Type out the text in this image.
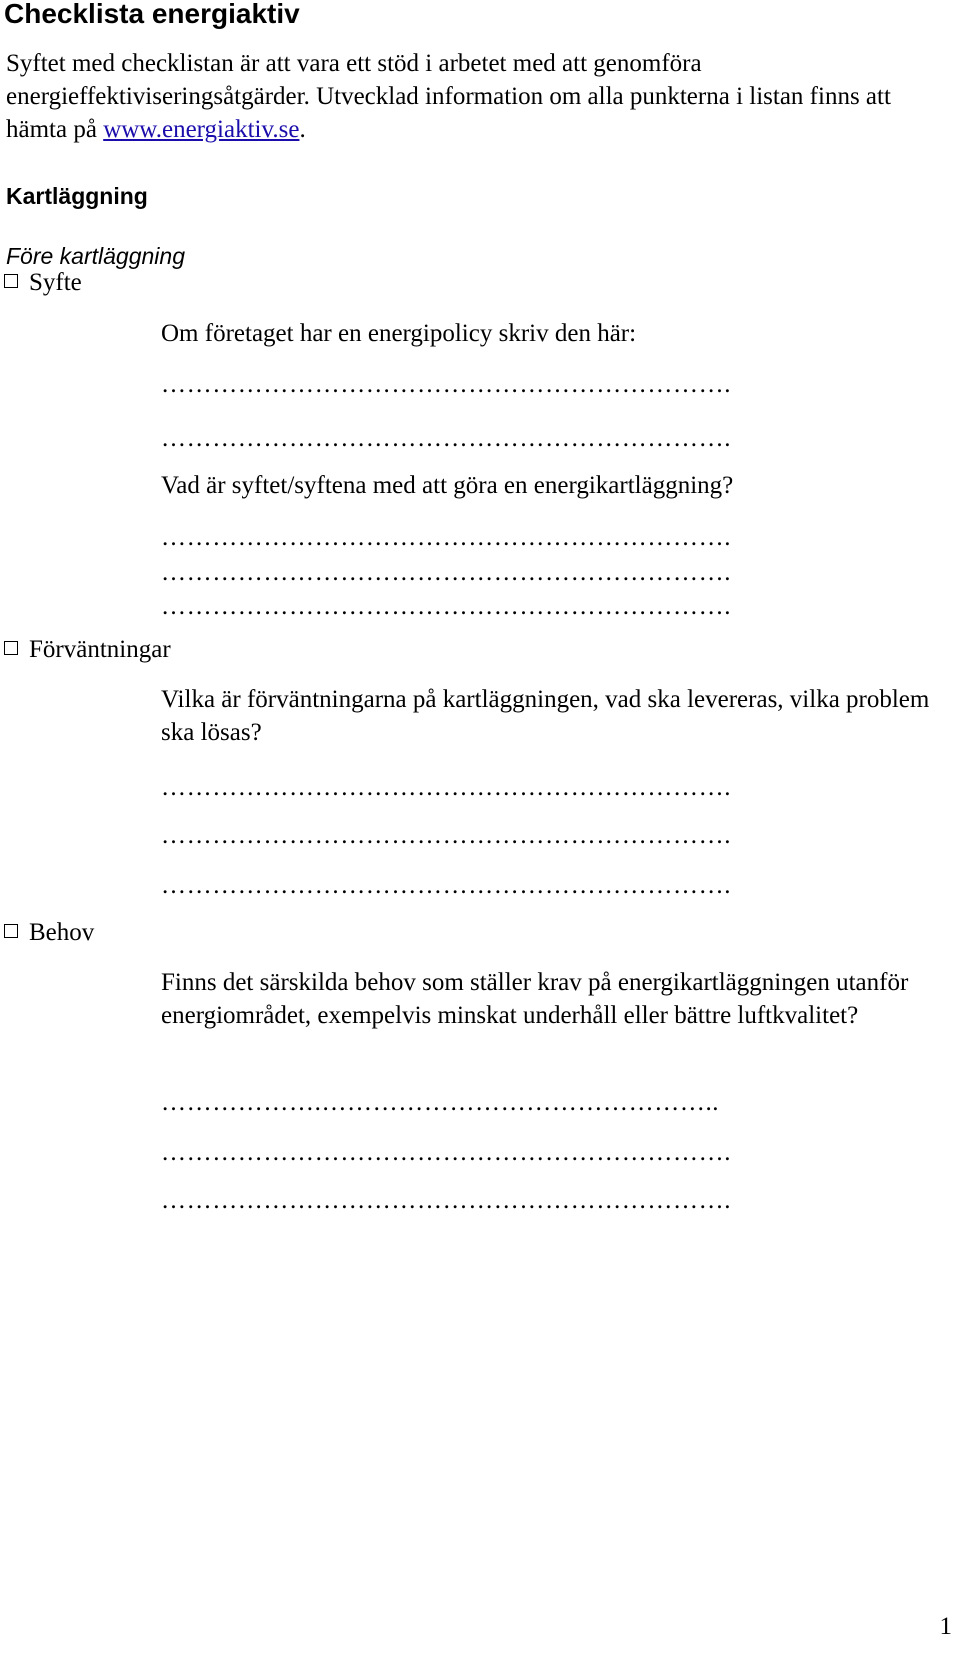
Checklista energiaktiv
Syftet med checklistan är att vara ett stöd i arbetet med att genomföra energieffektiviseringsåtgärder. Utvecklad information om alla punkterna i listan finns att hämta på www.energiaktiv.se.
Kartläggning
Före kartläggning
Syfte
Om företaget har en energipolicy skriv den här:
………………………………………………………….
………………………………………………………….
Vad är syftet/syftena med att göra en energikartläggning?
………………………………………………………….
………………………………………………………….
………………………………………………………….
Förväntningar
Vilka är förväntningarna på kartläggningen, vad ska levereras, vilka problem ska lösas?
………………………………………………………….
………………………………………………………….
………………………………………………………….
Behov
Finns det särskilda behov som ställer krav på energikartläggningen utanför energiområdet, exempelvis minskat underhåll eller bättre luftkvalitet?
……………….………………………………………..
………………………………………………………….
………………………………………………………….
1
